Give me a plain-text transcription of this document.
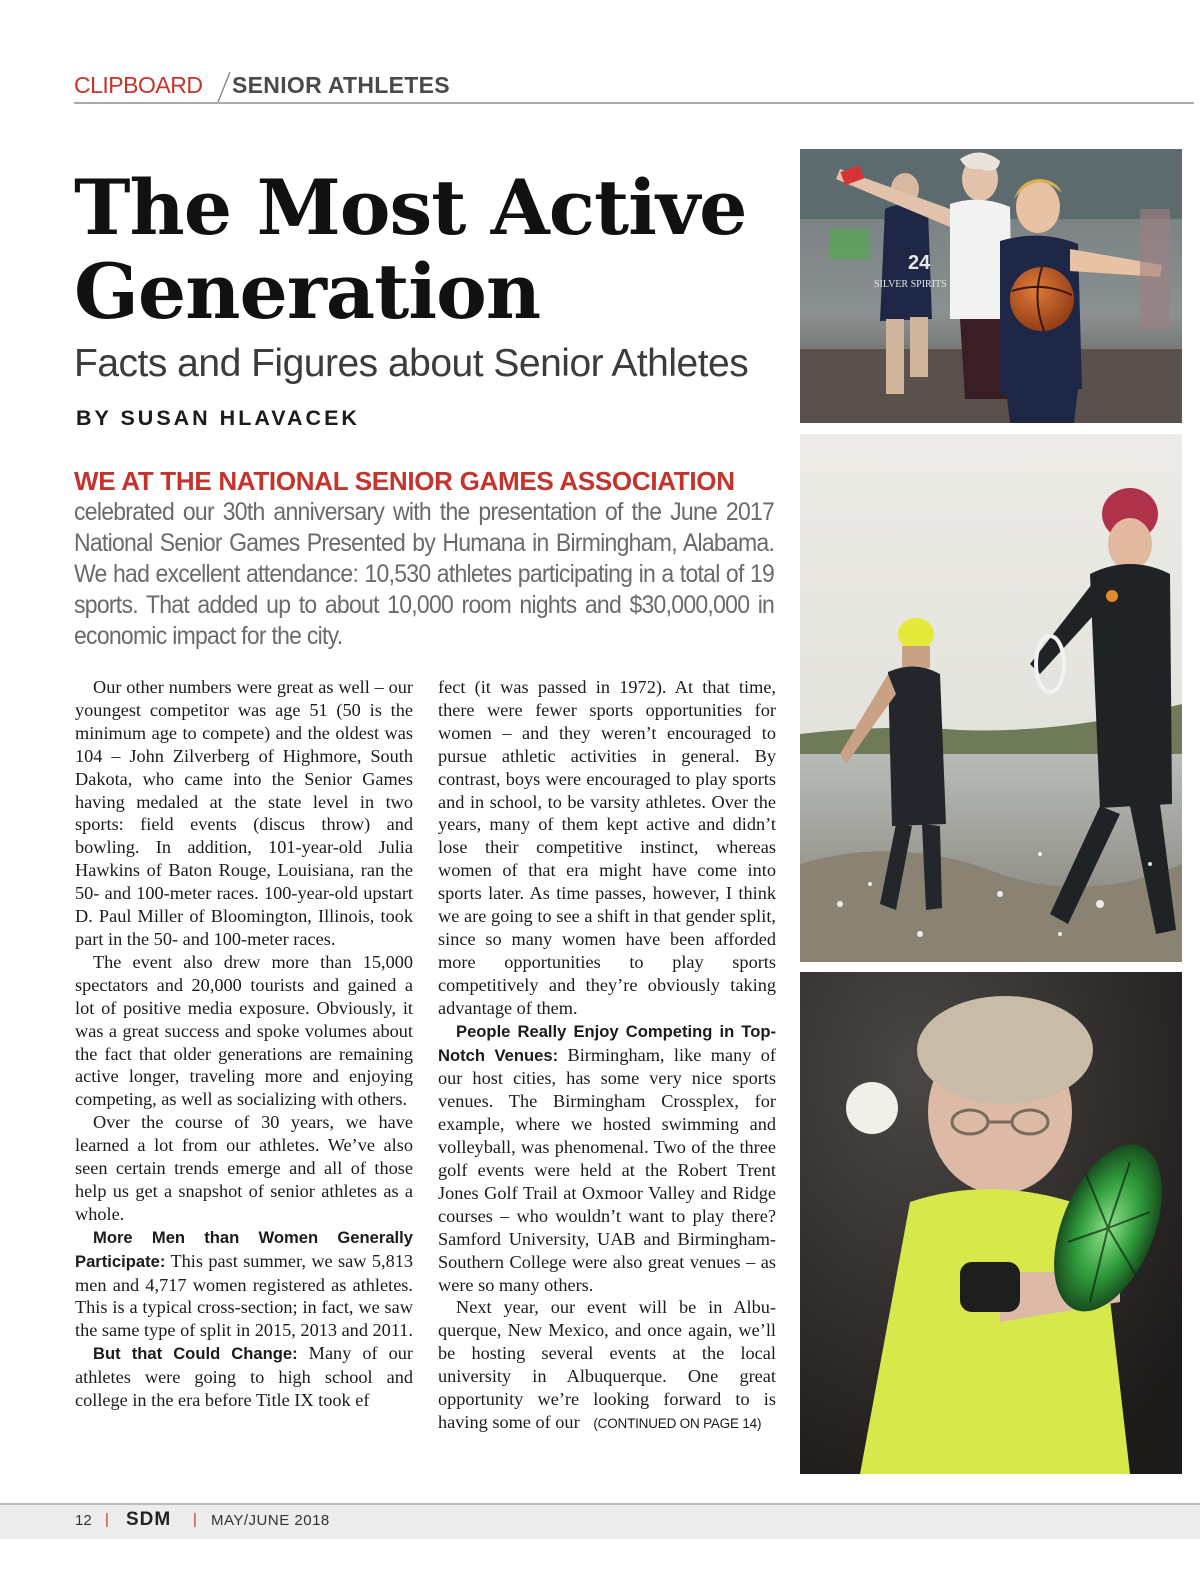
CLIPBOARD SENIOR ATHLETES
The Most Active
Generation
Facts and Figures about Senior Athletes
BY SUSAN HLAVACEK
WE AT THE NATIONAL SENIOR GAMES ASSOCIATION
celebrated our 30th anniversary with the presentation of the June 2017 National Senior Games Presented by Humana in Birmingham, Alabama. We had excellent attendance: 10,530 athletes participating in a total of 19 sports. That added up to about 10,000 room nights and $30,000,000 in economic impact for the city.

Our other numbers were great as well – our youngest competitor was age 51 (50 is the minimum age to compete) and the oldest was 104 – John Zilverberg of Highmore, South Dakota, who came into the Senior Games having medaled at the state level in two sports: field events (discus throw) and bowling. In addition, 101-year-old Julia Hawkins of Baton Rouge, Louisiana, ran the 50- and 100-meter races. 100-year-old upstart D. Paul Miller of Bloomington, Illinois, took part in the 50- and 100-meter races.

The event also drew more than 15,000 spectators and 20,000 tourists and gained a lot of positive media exposure. Obviously, it was a great success and spoke volumes about the fact that older generations are remaining active longer, traveling more and enjoying competing, as well as socializing with others.

Over the course of 30 years, we have learned a lot from our athletes. We’ve also seen certain trends emerge and all of those help us get a snapshot of senior athletes as a whole.

More Men than Women Generally Participate: This past summer, we saw 5,813 men and 4,717 women registered as athletes. This is a typical cross-section; in fact, we saw the same type of split in 2015, 2013 and 2011.

But that Could Change: Many of our athletes were going to high school and college in the era before Title IX took ef

fect (it was passed in 1972). At that time, there were fewer sports opportunities for women – and they weren’t encouraged to pursue athletic activities in general. By contrast, boys were encouraged to play sports and in school, to be varsity athletes. Over the years, many of them kept active and didn’t lose their competitive instinct, whereas women of that era might have come into sports later. As time passes, however, I think we are going to see a shift in that gender split, since so many women have been afforded more opportunities to play sports competitively and they’re obviously taking advantage of them.

People Really Enjoy Competing in Top-Notch Venues: Birmingham, like many of our host cities, has some very nice sports venues. The Birmingham Crossplex, for example, where we hosted swimming and volleyball, was phenomenal. Two of the three golf events were held at the Robert Trent Jones Golf Trail at Oxmoor Valley and Ridge courses – who wouldn’t want to play there? Samford University, UAB and Birmingham-Southern College were also great venues – as were so many others.

Next year, our event will be in Albuquerque, New Mexico, and once again, we’ll be hosting several events at the local university in Albuquerque. One great opportunity we’re looking forward to is having some of our (CONTINUED ON PAGE 14)

24
SILVER SPIRITS
12 | SDM | MAY/JUNE 2018
